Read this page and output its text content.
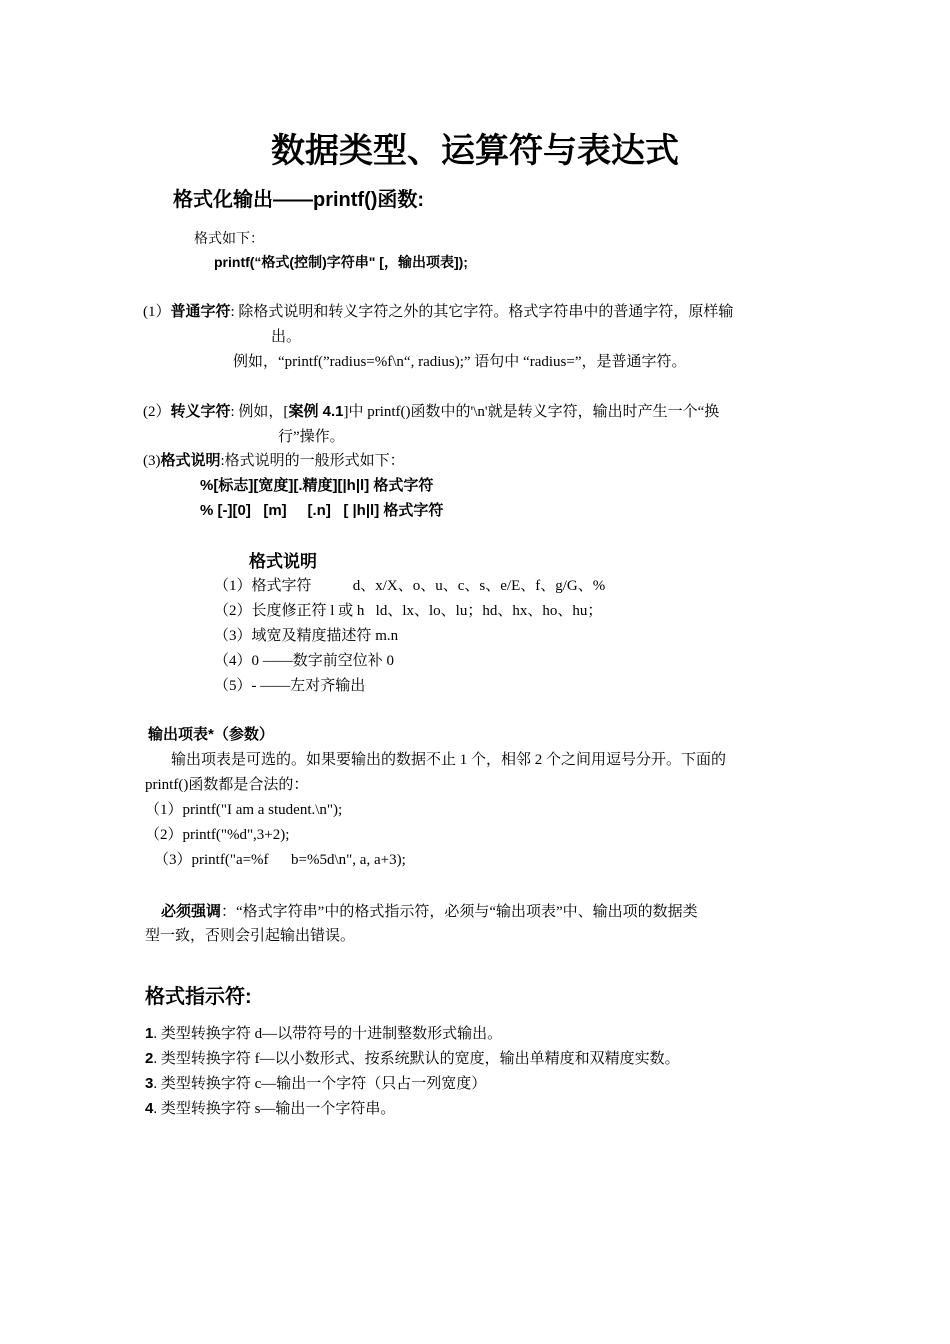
数据类型、运算符与表达式
格式化输出——printf()函数:
格式如下：
printf(“格式(控制)字符串" [，输出项表]);
(1）普通字符: 除格式说明和转义字符之外的其它字符。格式字符串中的普通字符，原样输
出。
例如，“printf(”radius=%f\n“, radius);” 语句中 “radius=”，是普通字符。
(2）转义字符: 例如，[案例 4.1]中 printf()函数中的'\n'就是转义字符，输出时产生一个“换
行”操作。
(3)格式说明:格式说明的一般形式如下：
%[标志][宽度][.精度][|h|l] 格式字符
% [-][0]   [m]     [.n]   [ |h|l] 格式字符
格式说明
（1）格式字符           d、x/X、o、u、c、s、e/E、f、g/G、%
（2）长度修正符 l 或 h   ld、lx、lo、lu；hd、hx、ho、hu；
（3）域宽及精度描述符 m.n
（4）0 ——数字前空位补 0
（5）- ——左对齐输出
输出项表*（参数）
输出项表是可选的。如果要输出的数据不止 1 个，相邻 2 个之间用逗号分开。下面的
printf()函数都是合法的：
（1）printf("I am a student.\n");
（2）printf("%d",3+2);
（3）printf("a=%f      b=%5d\n", a, a+3);
必须强调：“格式字符串”中的格式指示符，必须与“输出项表”中、输出项的数据类
型一致，否则会引起输出错误。
格式指示符:
1. 类型转换字符 d—以带符号的十进制整数形式输出。
2. 类型转换字符 f—以小数形式、按系统默认的宽度，输出单精度和双精度实数。
3. 类型转换字符 c—输出一个字符（只占一列宽度）
4. 类型转换字符 s—输出一个字符串。
